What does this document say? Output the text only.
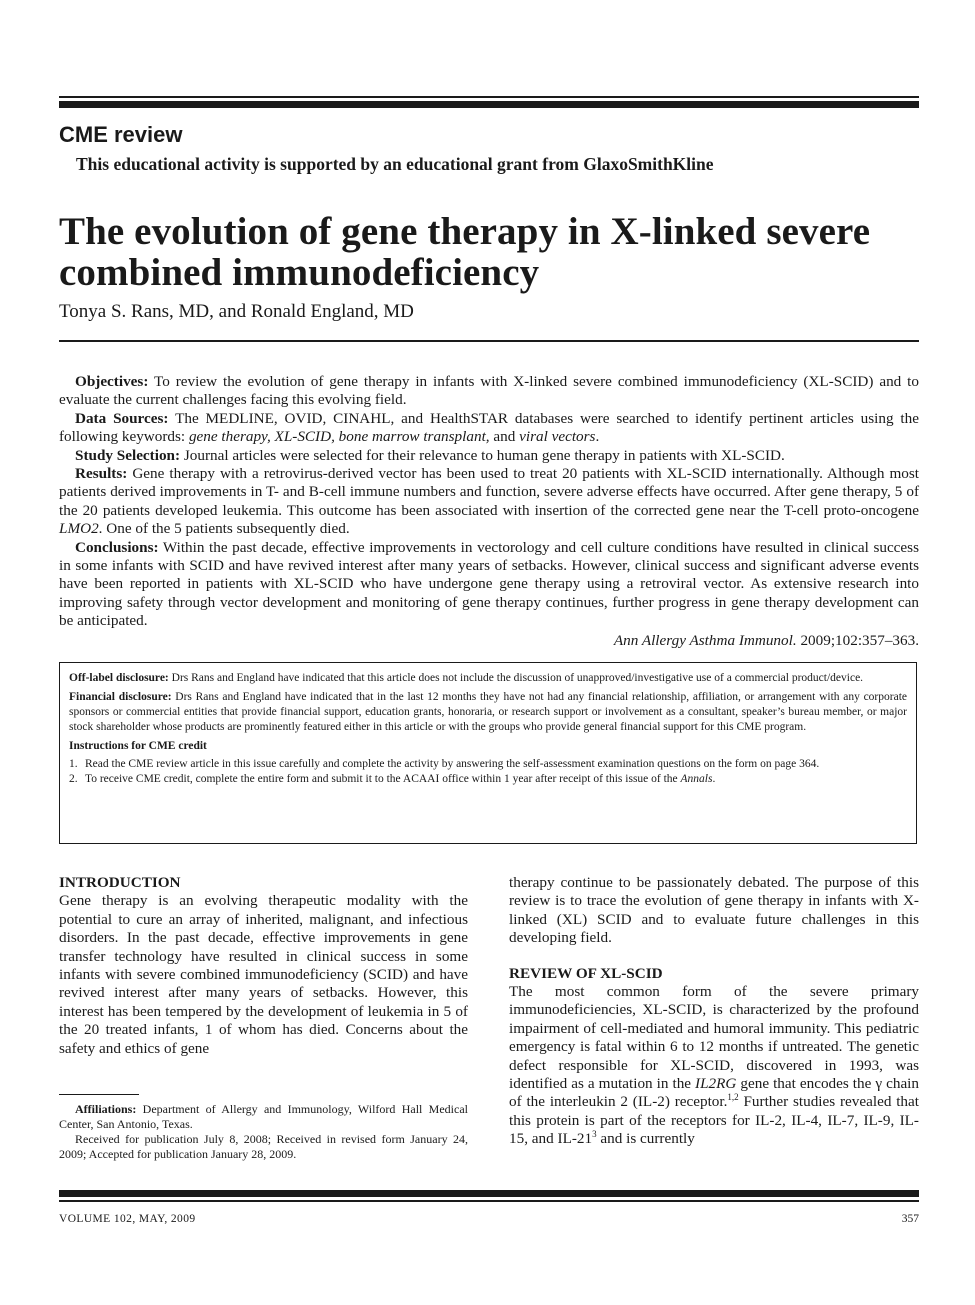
CME review
This educational activity is supported by an educational grant from GlaxoSmithKline
The evolution of gene therapy in X-linked severe combined immunodeficiency
Tonya S. Rans, MD, and Ronald England, MD

Objectives: To review the evolution of gene therapy in infants with X-linked severe combined immunodeficiency (XL-SCID) and to evaluate the current challenges facing this evolving field.

Data Sources: The MEDLINE, OVID, CINAHL, and HealthSTAR databases were searched to identify pertinent articles using the following keywords: gene therapy, XL-SCID, bone marrow transplant, and viral vectors.

Study Selection: Journal articles were selected for their relevance to human gene therapy in patients with XL-SCID.

Results: Gene therapy with a retrovirus-derived vector has been used to treat 20 patients with XL-SCID internationally. Although most patients derived improvements in T- and B-cell immune numbers and function, severe adverse effects have occurred. After gene therapy, 5 of the 20 patients developed leukemia. This outcome has been associated with insertion of the corrected gene near the T-cell proto-oncogene LMO2. One of the 5 patients subsequently died.

Conclusions: Within the past decade, effective improvements in vectorology and cell culture conditions have resulted in clinical success in some infants with SCID and have revived interest after many years of setbacks. However, clinical success and significant adverse events have been reported in patients with XL-SCID who have undergone gene therapy using a retroviral vector. As extensive research into improving safety through vector development and monitoring of gene therapy continues, further progress in gene therapy development can be anticipated.

Ann Allergy Asthma Immunol. 2009;102:357–363.

Off-label disclosure: Drs Rans and England have indicated that this article does not include the discussion of unapproved/investigative use of a commercial product/device.

Financial disclosure: Drs Rans and England have indicated that in the last 12 months they have not had any financial relationship, affiliation, or arrangement with any corporate sponsors or commercial entities that provide financial support, education grants, honoraria, or research support or involvement as a consultant, speaker’s bureau member, or major stock shareholder whose products are prominently featured either in this article or with the groups who provide general financial support for this CME program.

Instructions for CME credit

1. Read the CME review article in this issue carefully and complete the activity by answering the self-assessment examination questions on the form on page 364.
2. To receive CME credit, complete the entire form and submit it to the ACAAI office within 1 year after receipt of this issue of the Annals.
INTRODUCTION

Gene therapy is an evolving therapeutic modality with the potential to cure an array of inherited, malignant, and infectious disorders. In the past decade, effective improvements in gene transfer technology have resulted in clinical success in some infants with severe combined immunodeficiency (SCID) and have revived interest after many years of setbacks. However, this interest has been tempered by the development of leukemia in 5 of the 20 treated infants, 1 of whom has died. Concerns about the safety and ethics of gene

Affiliations: Department of Allergy and Immunology, Wilford Hall Medical Center, San Antonio, Texas.

Received for publication July 8, 2008; Received in revised form January 24, 2009; Accepted for publication January 28, 2009.

therapy continue to be passionately debated. The purpose of this review is to trace the evolution of gene therapy in infants with X-linked (XL) SCID and to evaluate future challenges in this developing field.

REVIEW OF XL-SCID

The most common form of the severe primary immunodeficiencies, XL-SCID, is characterized by the profound impairment of cell-mediated and humoral immunity. This pediatric emergency is fatal within 6 to 12 months if untreated. The genetic defect responsible for XL-SCID, discovered in 1993, was identified as a mutation in the IL2RG gene that encodes the γ chain of the interleukin 2 (IL-2) receptor.$^{1,2}$ Further studies revealed that this protein is part of the receptors for IL-2, IL-4, IL-7, IL-9, IL-15, and $IL-21^3$ and is currently

VOLUME 102, MAY, 2009	357
